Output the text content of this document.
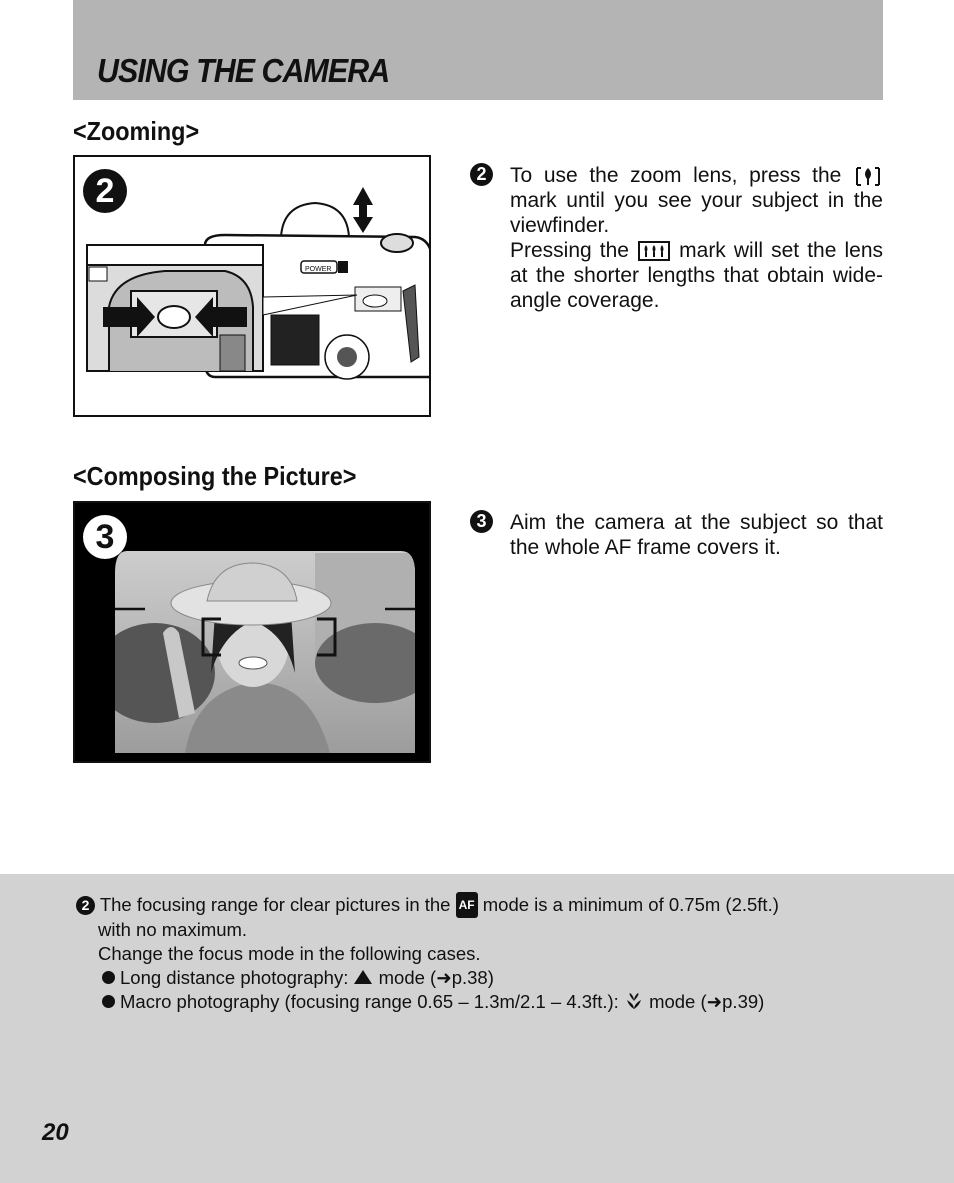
USING THE CAMERA
<Zooming>
POWER
2	2	To use the zoom lens, press the  mark until you see your subject in the viewfinder.
Pressing the mark will set the lens at the shorter lengths that obtain wide-angle coverage.

<Composing the Picture>
3	3	Aim the camera at the subject so that the whole AF frame covers it.

2 The focusing range for clear pictures in the AF mode is a minimum of 0.75m (2.5ft.)

with no maximum.

Change the focus mode in the following cases.

Long distance photography: mode (➜p.38)

Macro photography (focusing range 0.65 – 1.3m/2.1 – 4.3ft.): mode (➜p.39)

20
